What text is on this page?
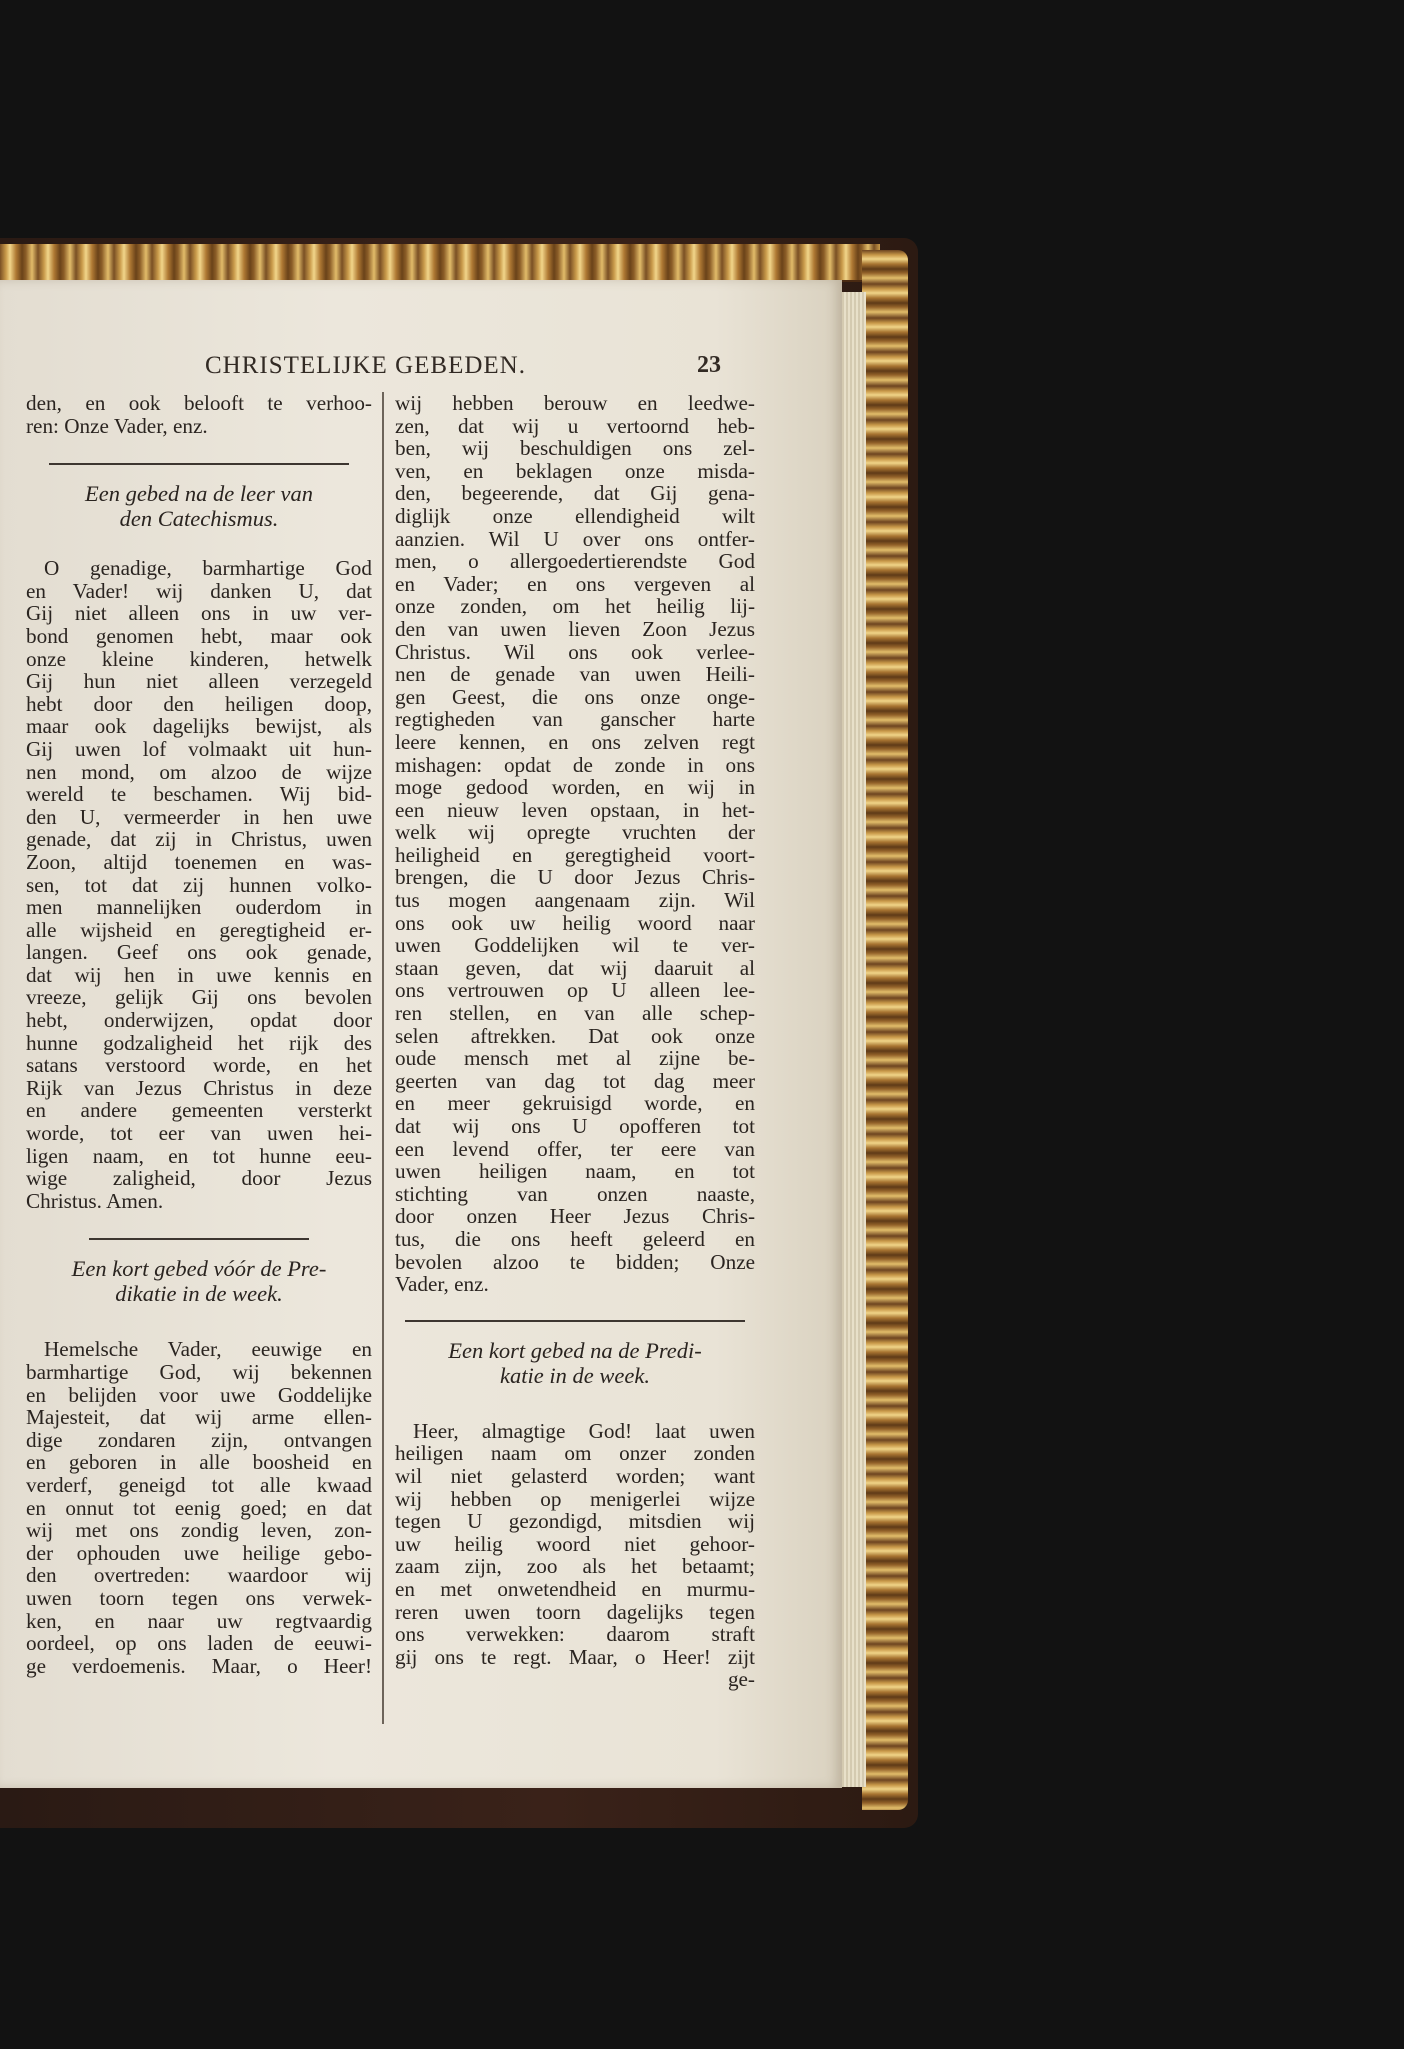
CHRISTELIJKE GEBEDEN.	23
den, en ook belooft te verhoo-
ren: Onze Vader, enz.
Een gebed na de leer van
den Catechismus.
O genadige, barmhartige God
en Vader! wij danken U, dat
Gij niet alleen ons in uw ver-
bond genomen hebt, maar ook
onze kleine kinderen, hetwelk
Gij hun niet alleen verzegeld
hebt door den heiligen doop,
maar ook dagelijks bewijst, als
Gij uwen lof volmaakt uit hun-
nen mond, om alzoo de wijze
wereld te beschamen. Wij bid-
den U, vermeerder in hen uwe
genade, dat zij in Christus, uwen
Zoon, altijd toenemen en was-
sen, tot dat zij hunnen volko-
men mannelijken ouderdom in
alle wijsheid en geregtigheid er-
langen. Geef ons ook genade,
dat wij hen in uwe kennis en
vreeze, gelijk Gij ons bevolen
hebt, onderwijzen, opdat door
hunne godzaligheid het rijk des
satans verstoord worde, en het
Rijk van Jezus Christus in deze
en andere gemeenten versterkt
worde, tot eer van uwen hei-
ligen naam, en tot hunne eeu-
wige zaligheid, door Jezus
Christus. Amen.
Een kort gebed vóór de Pre-
dikatie in de week.
Hemelsche Vader, eeuwige en
barmhartige God, wij bekennen
en belijden voor uwe Goddelijke
Majesteit, dat wij arme ellen-
dige zondaren zijn, ontvangen
en geboren in alle boosheid en
verderf, geneigd tot alle kwaad
en onnut tot eenig goed; en dat
wij met ons zondig leven, zon-
der ophouden uwe heilige gebo-
den overtreden: waardoor wij
uwen toorn tegen ons verwek-
ken, en naar uw regtvaardig
oordeel, op ons laden de eeuwi-
ge verdoemenis. Maar, o Heer!
wij hebben berouw en leedwe-
zen, dat wij u vertoornd heb-
ben, wij beschuldigen ons zel-
ven, en beklagen onze misda-
den, begeerende, dat Gij gena-
diglijk onze ellendigheid wilt
aanzien. Wil U over ons ontfer-
men, o allergoedertierendste God
en Vader; en ons vergeven al
onze zonden, om het heilig lij-
den van uwen lieven Zoon Jezus
Christus. Wil ons ook verlee-
nen de genade van uwen Heili-
gen Geest, die ons onze onge-
regtigheden van ganscher harte
leere kennen, en ons zelven regt
mishagen: opdat de zonde in ons
moge gedood worden, en wij in
een nieuw leven opstaan, in het-
welk wij opregte vruchten der
heiligheid en geregtigheid voort-
brengen, die U door Jezus Chris-
tus mogen aangenaam zijn. Wil
ons ook uw heilig woord naar
uwen Goddelijken wil te ver-
staan geven, dat wij daaruit al
ons vertrouwen op U alleen lee-
ren stellen, en van alle schep-
selen aftrekken. Dat ook onze
oude mensch met al zijne be-
geerten van dag tot dag meer
en meer gekruisigd worde, en
dat wij ons U opofferen tot
een levend offer, ter eere van
uwen heiligen naam, en tot
stichting van onzen naaste,
door onzen Heer Jezus Chris-
tus, die ons heeft geleerd en
bevolen alzoo te bidden; Onze
Vader, enz.
Een kort gebed na de Predi-
katie in de week.
Heer, almagtige God! laat uwen
heiligen naam om onzer zonden
wil niet gelasterd worden; want
wij hebben op menigerlei wijze
tegen U gezondigd, mitsdien wij
uw heilig woord niet gehoor-
zaam zijn, zoo als het betaamt;
en met onwetendheid en murmu-
reren uwen toorn dagelijks tegen
ons verwekken: daarom straft
gij ons te regt. Maar, o Heer! zijt
ge-
